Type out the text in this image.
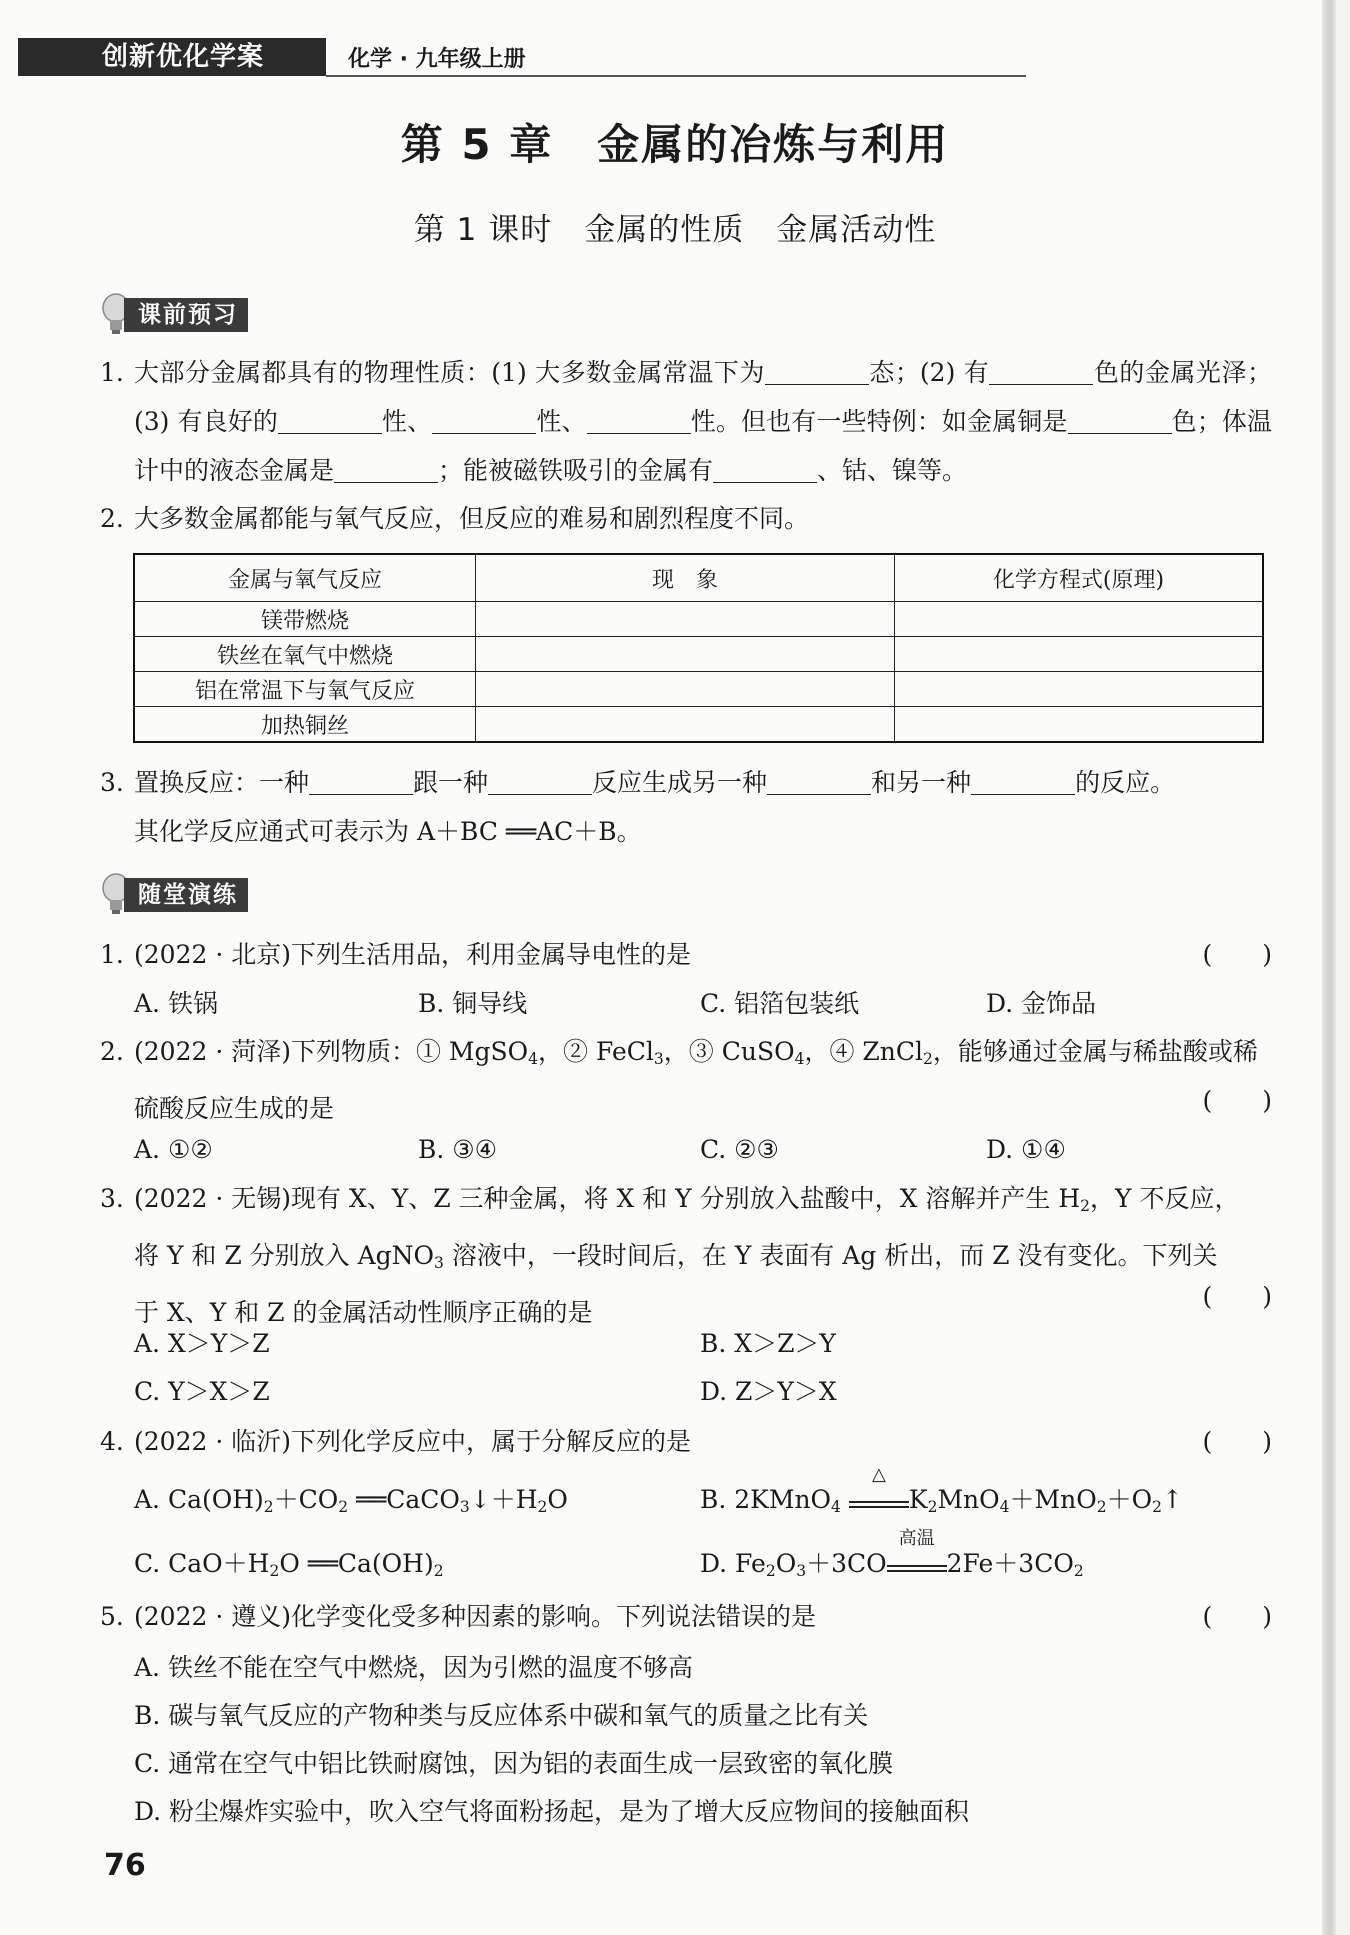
创新优化学案	化学 · 九年级上册
第 5 章　金属的冶炼与利用
第 1 课时　金属的性质　金属活动性
课前预习
1. 大部分金属都具有的物理性质：(1) 大多数金属常温下为	态；(2) 有	色的金属光泽；(3) 有良好的	性、	性、	性。但也有一些特例：如金属铜是	色；体温计中的液态金属是	；能被磁铁吸引的金属有	、钴、镍等。
2. 大多数金属都能与氧气反应，但反应的难易和剧烈程度不同。
金属与氧气反应	现　象	化学方程式(原理)
镁带燃烧		
铁丝在氧气中燃烧		
铝在常温下与氧气反应		
加热铜丝		
3. 置换反应：一种	跟一种	反应生成另一种	和另一种	的反应。
其化学反应通式可表示为 A＋BC ══AC＋B。
随堂演练
1. (2022 · 北京)下列生活用品，利用金属导电性的是	(　　)
A. 铁锅	B. 铜导线	C. 铝箔包装纸	D. 金饰品
2. (2022 · 菏泽)下列物质：① MgSO$_4$，② FeCl$_3$，③ CuSO$_4$，④ ZnCl$_2$，能够通过金属与稀盐酸或稀
硫酸反应生成的是	(　　)
A. ①②	B. ③④	C. ②③	D. ①④
3. (2022 · 无锡)现有 X、Y、Z 三种金属，将 X 和 Y 分别放入盐酸中，X 溶解并产生 $H_2$，Y 不反应，
将 Y 和 Z 分别放入 AgNO$_3$ 溶液中，一段时间后，在 Y 表面有 Ag 析出，而 Z 没有变化。下列关
于 X、Y 和 Z 的金属活动性顺序正确的是
(　　)
A. X＞Y＞Z	B. X＞Z＞Y
C. Y＞X＞Z	D. Z＞Y＞X
4. (2022 · 临沂)下列化学反应中，属于分解反应的是	(　　)
A. $Ca(OH)_2+CO_2$ $══CaCO_3↓+H_2O$	B. 2KMnO$_4$
△
$K_2MnO_4+MnO_2+O_2↑$
C. $CaO+H_2O$ $══Ca(OH)_2$	D. $Fe_2O_3+3CO$
高温
$2Fe+3CO_2$
5. (2022 · 遵义)化学变化受多种因素的影响。下列说法错误的是	(　　)
A. 铁丝不能在空气中燃烧，因为引燃的温度不够高
B. 碳与氧气反应的产物种类与反应体系中碳和氧气的质量之比有关
C. 通常在空气中铝比铁耐腐蚀，因为铝的表面生成一层致密的氧化膜
D. 粉尘爆炸实验中，吹入空气将面粉扬起，是为了增大反应物间的接触面积
76
